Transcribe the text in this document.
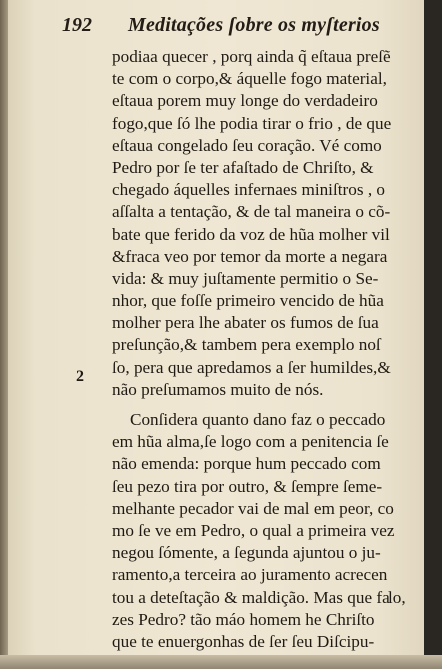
192 Meditações ſobre os myſterios
2
podiaa quecer , porq ainda q̃ eſtaua preſẽ
te com o corpo,& áquelle fogo material,
eſtaua porem muy longe do verdadeiro
fogo,que ſó lhe podia tirar o frio , de que
eſtaua congelado ſeu coração. Vé como
Pedro por ſe ter afaſtado de Chriſto, &
chegado áquelles infernaes miniſtros , o
aſſalta a tentação, & de tal maneira o cõ-
bate que ferido da voz de hũa molher vil
&fraca veo por temor da morte a negara
vida: & muy juſtamente permitio o Se-
nhor, que foſſe primeiro vencido de hũa
molher pera lhe abater os fumos de ſua
preſunção,& tambem pera exemplo noſ
ſo, pera que apredamos a ſer humildes,&
não preſumamos muito de nós.
Conſidera quanto dano faz o peccado
em hũa alma,ſe logo com a penitencia ſe
não emenda: porque hum peccado com
ſeu pezo tira por outro, & ſempre ſeme-
melhante pecador vai de mal em peor, co
mo ſe ve em Pedro, o qual a primeira vez
negou ſómente, a ſegunda ajuntou o ju-
ramento,a terceira ao juramento acrecen
tou a deteſtação & maldição. Mas que fa
zes Pedro? tão máo homem he Chriſto
que te enuergonhas de ſer ſeu Diſcipu-
lo,
